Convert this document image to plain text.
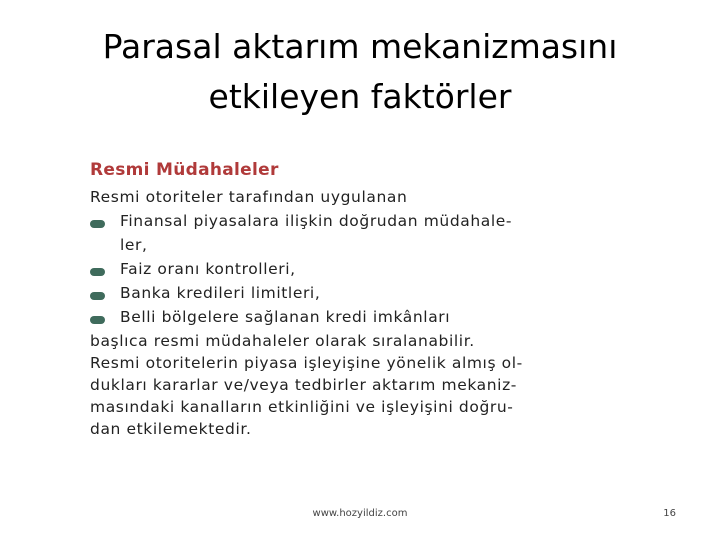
Parasal aktarım mekanizmasını
etkileyen faktörler
Resmi Müdahaleler
Resmi otoriteler tarafından uygulanan
Finansal piyasalara ilişkin doğrudan müdahale-
ler,
Faiz oranı kontrolleri,
Banka kredileri limitleri,
Belli bölgelere sağlanan kredi imkânları
başlıca resmi müdahaleler olarak sıralanabilir.
Resmi otoritelerin piyasa işleyişine yönelik almış ol-
dukları kararlar ve/veya tedbirler aktarım mekaniz-
masındaki kanalların etkinliğini ve işleyişini doğru-
dan etkilemektedir.
www.hozyildiz.com	16
